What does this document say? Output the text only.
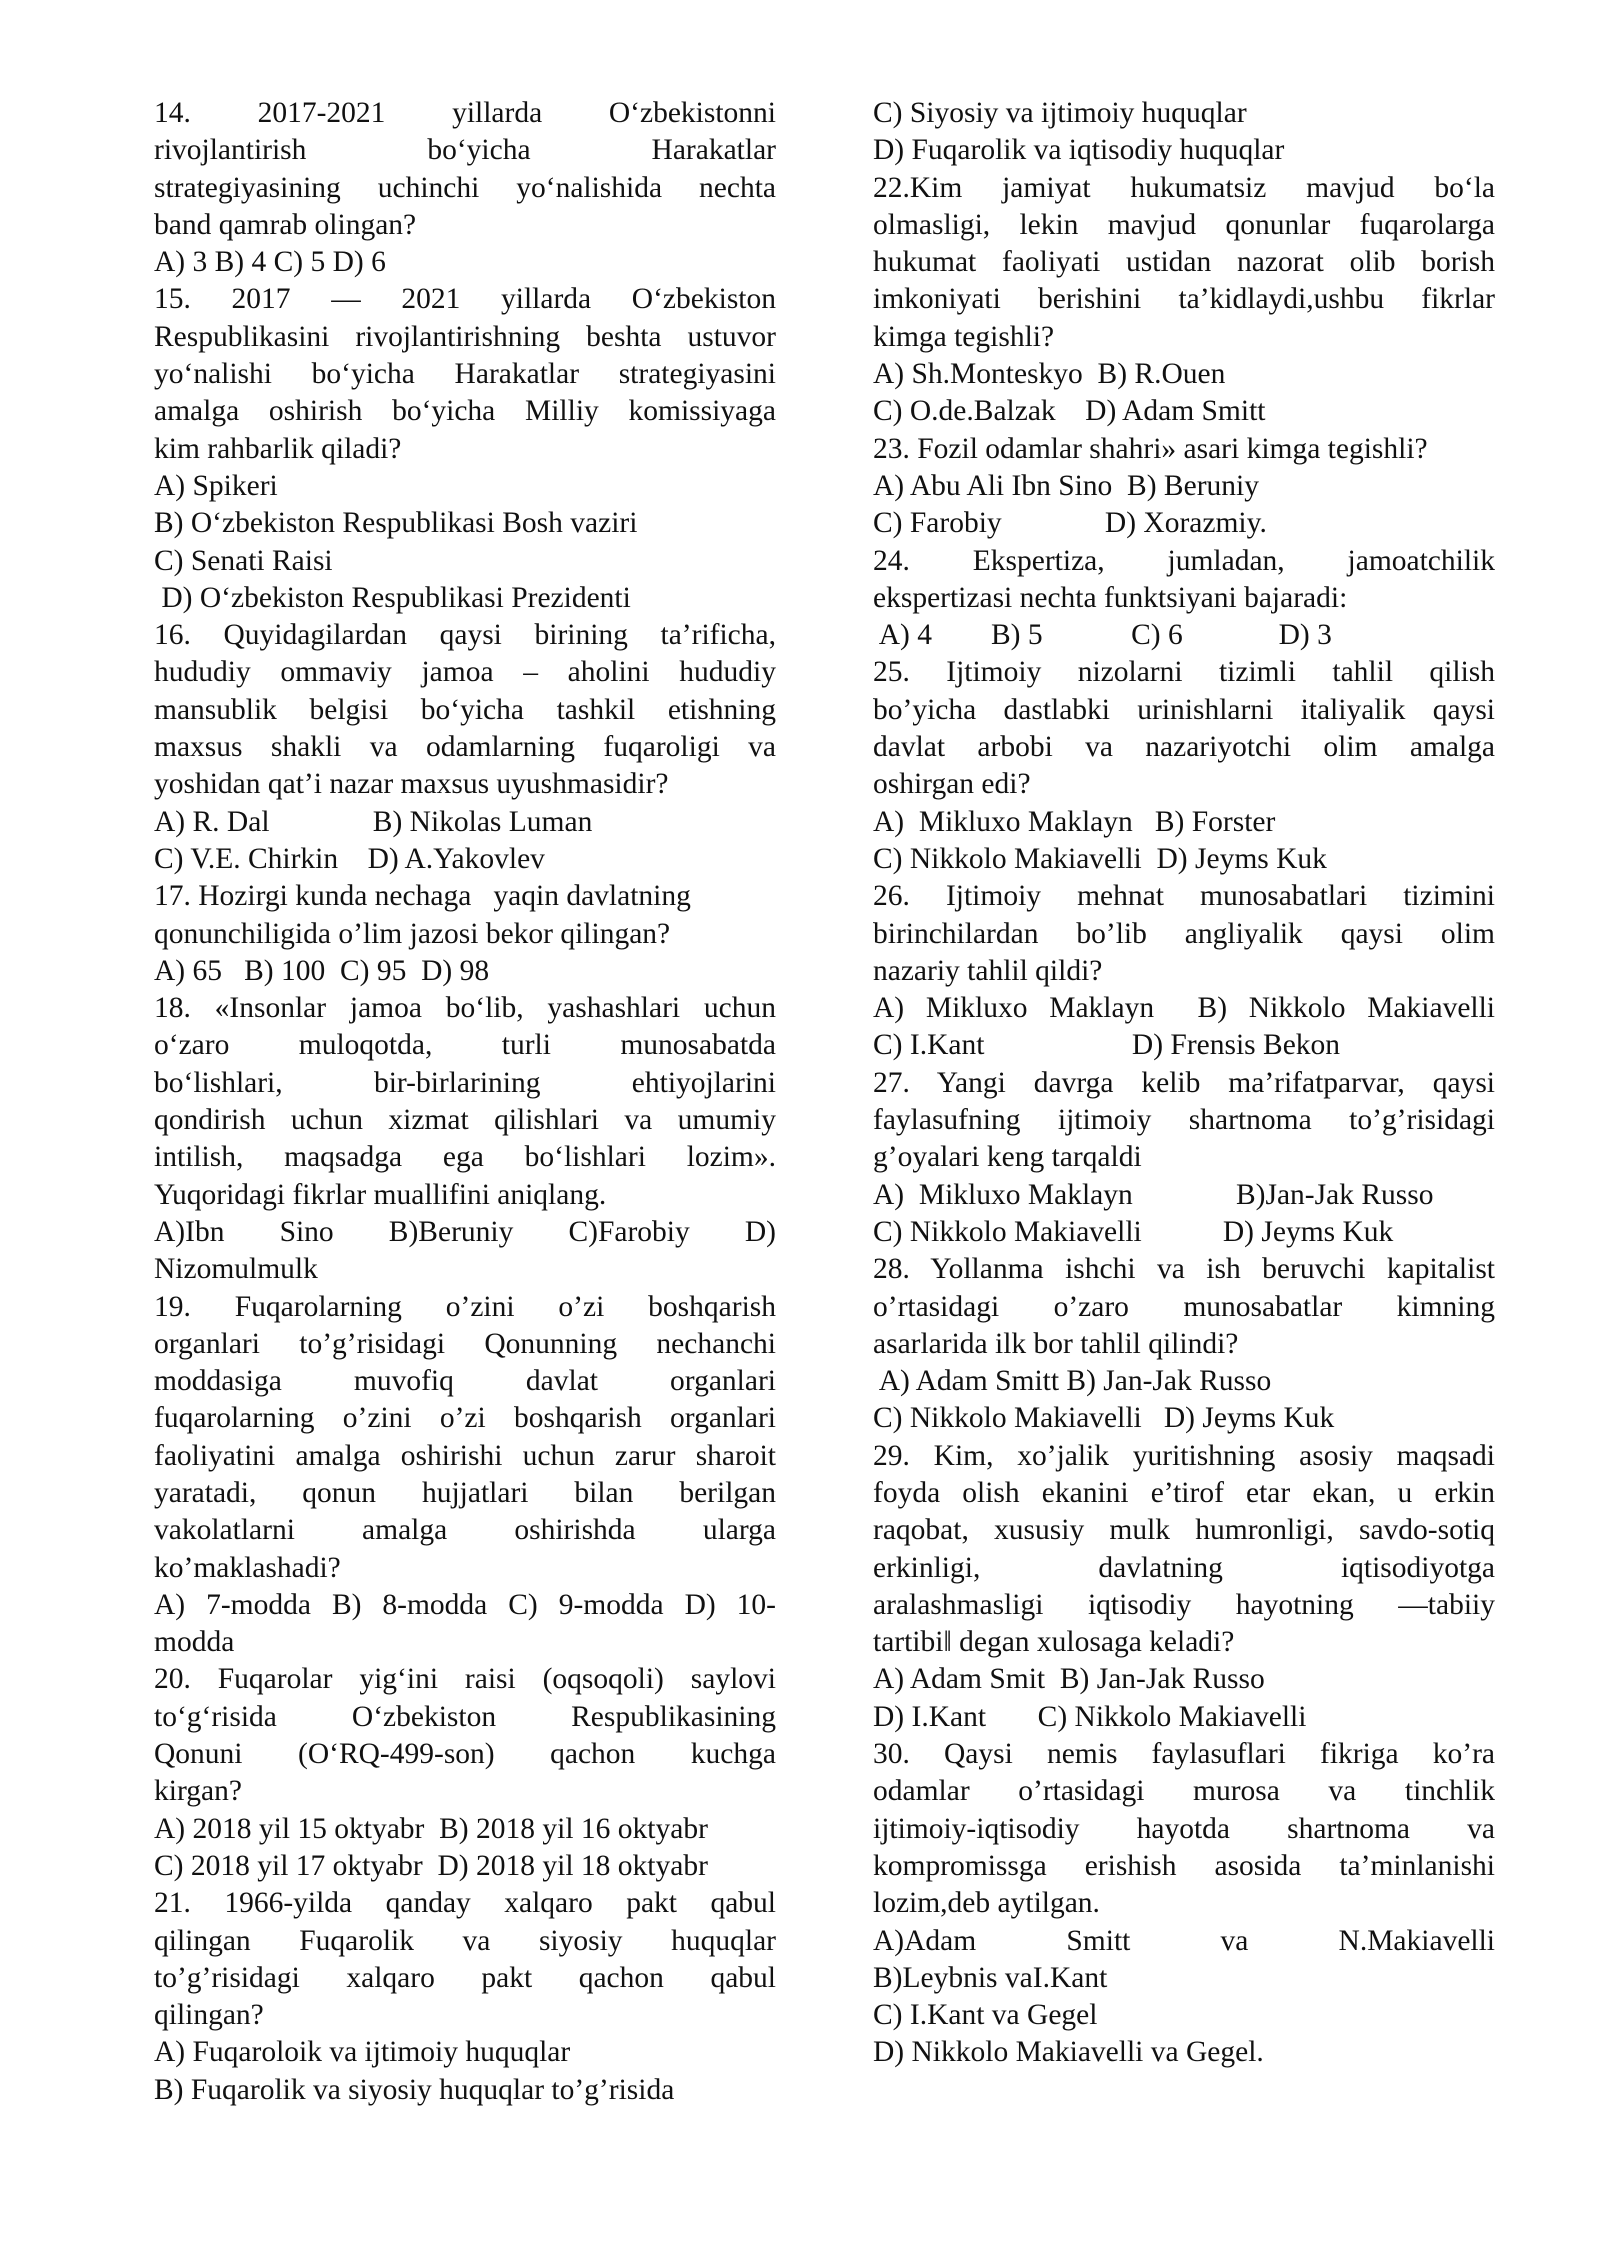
14. 2017-2021 yillarda O‘zbekistonni

rivojlantirish bo‘yicha Harakatlar

strategiyasining uchinchi yo‘nalishida nechta

band qamrab olingan?

A) 3 B) 4 C) 5 D) 6

15. 2017 — 2021 yillarda O‘zbekiston

Respublikasini rivojlantirishning beshta ustuvor

yo‘nalishi bo‘yicha Harakatlar strategiyasini

amalga oshirish bo‘yicha Milliy komissiyaga

kim rahbarlik qiladi?

A) Spikeri

B) O‘zbekiston Respublikasi Bosh vaziri

C) Senati Raisi

D) O‘zbekiston Respublikasi Prezidenti

16. Quyidagilardan qaysi birining ta’rificha,

hududiy ommaviy jamoa – aholini hududiy

mansublik belgisi bo‘yicha tashkil etishning

maxsus shakli va odamlarning fuqaroligi va

yoshidan qat’i nazar maxsus uyushmasidir?

A) R. Dal              B) Nikolas Luman

C) V.E. Chirkin    D) A.Yakovlev

17. Hozirgi kunda nechaga   yaqin davlatning

qonunchiligida o’lim jazosi bekor qilingan?

A) 65   B) 100  C) 95  D) 98

18. «Insonlar jamoa bo‘lib, yashashlari uchun

o‘zaro muloqotda, turli munosabatda

bo‘lishlari, bir-birlarining ehtiyojlarini

qondirish uchun xizmat qilishlari va umumiy

intilish, maqsadga ega bo‘lishlari lozim».

Yuqoridagi fikrlar muallifini aniqlang.

A)Ibn Sino B)Beruniy C)Farobiy D)

Nizomulmulk

19. Fuqarolarning o’zini o’zi boshqarish

organlari to’g’risidagi Qonunning nechanchi

moddasiga muvofiq davlat organlari

fuqarolarning o’zini o’zi boshqarish organlari

faoliyatini amalga oshirishi uchun zarur sharoit

yaratadi, qonun hujjatlari bilan berilgan

vakolatlarni amalga oshirishda ularga

ko’maklashadi?

A) 7-modda B) 8-modda C) 9-modda D) 10-

modda

20. Fuqarolar yig‘ini raisi (oqsoqoli) saylovi

to‘g‘risida O‘zbekiston Respublikasining

Qonuni (O‘RQ-499-son) qachon kuchga

kirgan?

A) 2018 yil 15 oktyabr  B) 2018 yil 16 oktyabr

C) 2018 yil 17 oktyabr  D) 2018 yil 18 oktyabr

21. 1966-yilda qanday xalqaro pakt qabul

qilingan Fuqarolik va siyosiy huquqlar

to’g’risidagi xalqaro pakt qachon qabul

qilingan?

A) Fuqaroloik va ijtimoiy huquqlar

B) Fuqarolik va siyosiy huquqlar to’g’risida

C) Siyosiy va ijtimoiy huquqlar

D) Fuqarolik va iqtisodiy huquqlar

22.Kim jamiyat hukumatsiz mavjud bo‘la

olmasligi, lekin mavjud qonunlar fuqarolarga

hukumat faoliyati ustidan nazorat olib borish

imkoniyati berishini ta’kidlaydi,ushbu fikrlar

kimga tegishli?

A) Sh.Monteskyo  B) R.Ouen

C) O.de.Balzak    D) Adam Smitt

23. Fozil odamlar shahri» asari kimga tegishli?

A) Abu Ali Ibn Sino  B) Beruniy

C) Farobiy              D) Xorazmiy.

24. Ekspertiza, jumladan, jamoatchilik

ekspertizasi nechta funktsiyani bajaradi:

A) 4        B) 5            C) 6             D) 3

25. Ijtimoiy nizolarni tizimli tahlil qilish

bo’yicha dastlabki urinishlarni italiyalik qaysi

davlat arbobi va nazariyotchi olim amalga

oshirgan edi?

A)  Mikluxo Maklayn   B) Forster

C) Nikkolo Makiavelli  D) Jeyms Kuk

26. Ijtimoiy mehnat munosabatlari tizimini

birinchilardan bo’lib angliyalik qaysi olim

nazariy tahlil qildi?

A) Mikluxo Maklayn  B) Nikkolo Makiavelli

C) I.Kant                    D) Frensis Bekon

27. Yangi davrga kelib ma’rifatparvar, qaysi

faylasufning ijtimoiy shartnoma to’g’risidagi

g’oyalari keng tarqaldi

A)  Mikluxo Maklayn              B)Jan-Jak Russo

C) Nikkolo Makiavelli           D) Jeyms Kuk

28. Yollanma ishchi va ish beruvchi kapitalist

o’rtasidagi o’zaro munosabatlar kimning

asarlarida ilk bor tahlil qilindi?

A) Adam Smitt B) Jan-Jak Russo

C) Nikkolo Makiavelli   D) Jeyms Kuk

29. Kim, xo’jalik yuritishning asosiy maqsadi

foyda olish ekanini e’tirof etar ekan, u erkin

raqobat, xususiy mulk humronligi, savdo-sotiq

erkinligi, davlatning iqtisodiyotga

aralashmasligi iqtisodiy hayotning ―tabiiy

tartibi‖ degan xulosaga keladi?

A) Adam Smit  B) Jan-Jak Russo

D) I.Kant       C) Nikkolo Makiavelli

30. Qaysi nemis faylasuflari fikriga ko’ra

odamlar o’rtasidagi murosa va tinchlik

ijtimoiy-iqtisodiy hayotda shartnoma va

kompromissga erishish asosida ta’minlanishi

lozim,deb aytilgan.

A)Adam Smitt va N.Makiavelli

B)Leybnis vaI.Kant

C) I.Kant va Gegel

D) Nikkolo Makiavelli va Gegel.
